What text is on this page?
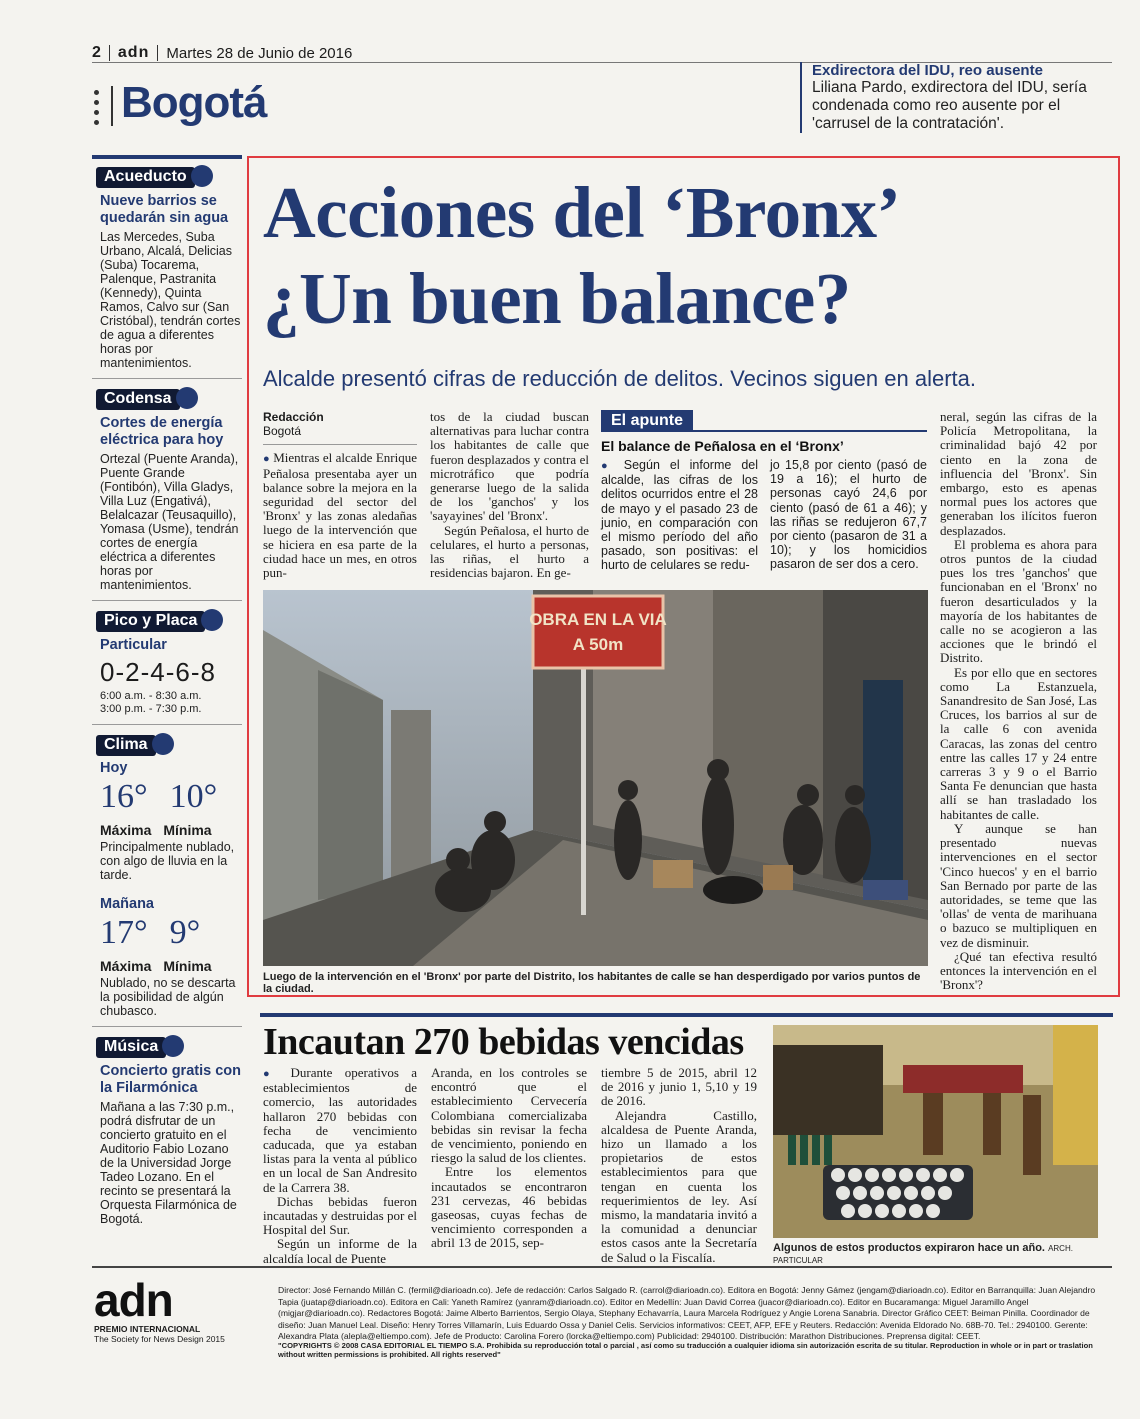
2 adn Martes 28 de Junio de 2016
Bogotá
Exdirectora del IDU, reo ausente
Liliana Pardo, exdirectora del IDU, sería condenada como reo ausente por el 'carrusel de la contratación'.
Acueducto
Nueve barrios se quedarán sin agua
Las Mercedes, Suba Urbano, Alcalá, Delicias (Suba) Tocarema, Palenque, Pastranita (Kennedy), Quinta Ramos, Calvo sur (San Cristóbal), tendrán cortes de agua a diferentes horas por mantenimientos.
Codensa
Cortes de energía eléctrica para hoy
Ortezal (Puente Aranda), Puente Grande (Fontibón), Villa Gladys, Villa Luz (Engativá), Belalcazar (Teusaquillo), Yomasa (Usme), tendrán cortes de energía eléctrica a diferentes horas por mantenimientos.
Pico y Placa
Particular
0-2-4-6-8
6:00 a.m. - 8:30 a.m.
3:00 p.m. - 7:30 p.m.
Clima
Hoy
16° 10°
Máxima Mínima
Principalmente nublado, con algo de lluvia en la tarde.
Mañana
17° 9°
Máxima Mínima
Nublado, no se descarta la posibilidad de algún chubasco.
Música
Concierto gratis con la Filarmónica
Mañana a las 7:30 p.m., podrá disfrutar de un concierto gratuito en el Auditorio Fabio Lozano de la Universidad Jorge Tadeo Lozano. En el recinto se presentará la Orquesta Filarmónica de Bogotá.
Acciones del ‘Bronx’
¿Un buen balance?
Alcalde presentó cifras de reducción de delitos. Vecinos siguen en alerta.
Redacción
Bogotá
● Mientras el alcalde Enrique Peñalosa presentaba ayer un balance sobre la mejora en la seguridad del sector del 'Bronx' y las zonas aledañas luego de la intervención que se hiciera en esa parte de la ciudad hace un mes, en otros pun-
tos de la ciudad buscan alternativas para luchar contra los habitantes de calle que fueron desplazados y contra el microtráfico que podría generarse luego de la salida de los 'ganchos' y los 'sayayines' del 'Bronx'.
Según Peñalosa, el hurto de celulares, el hurto a personas, las riñas, el hurto a residencias bajaron. En ge-
El apunte
El balance de Peñalosa en el ‘Bronx’
● Según el informe del alcalde, las cifras de los delitos ocurridos entre el 28 de mayo y el pasado 23 de junio, en comparación con el mismo período del año pasado, son positivas: el hurto de celulares se redu-
jo 15,8 por ciento (pasó de 19 a 16); el hurto de personas cayó 24,6 por ciento (pasó de 61 a 46); y las riñas se redujeron 67,7 por ciento (pasaron de 31 a 10); y los homicidios pasaron de ser dos a cero.
neral, según las cifras de la Policía Metropolitana, la criminalidad bajó 42 por ciento en la zona de influencia del 'Bronx'. Sin embargo, esto es apenas normal pues los actores que generaban los ilícitos fueron desplazados.
El problema es ahora para otros puntos de la ciudad pues los tres 'ganchos' que funcionaban en el 'Bronx' no fueron desarticulados y la mayoría de los habitantes de calle no se acogieron a las acciones que le brindó el Distrito.
Es por ello que en sectores como La Estanzuela, Sanandresito de San José, Las Cruces, los barrios al sur de la calle 6 con avenida Caracas, las zonas del centro entre las calles 17 y 24 entre carreras 3 y 9 o el Barrio Santa Fe denuncian que hasta allí se han trasladado los habitantes de calle.
Y aunque se han presentado nuevas intervenciones en el sector 'Cinco huecos' y en el barrio San Bernado por parte de las autoridades, se teme que las 'ollas' de venta de marihuana o bazuco se multipliquen en vez de disminuir.
¿Qué tan efectiva resultó entonces la intervención en el 'Bronx'?
OBRA EN LA VIA
A 50m
Luego de la intervención en el 'Bronx' por parte del Distrito, los habitantes de calle se han desperdigado por varios puntos de la ciudad.
Incautan 270 bebidas vencidas
● Durante operativos a establecimientos de comercio, las autoridades hallaron 270 bebidas con fecha de vencimiento caducada, que ya estaban listas para la venta al público en un local de San Andresito de la Carrera 38.
Dichas bebidas fueron incautadas y destruidas por el Hospital del Sur.
Según un informe de la alcaldía local de Puente
Aranda, en los controles se encontró que el establecimiento Cervecería Colombiana comercializaba bebidas sin revisar la fecha de vencimiento, poniendo en riesgo la salud de los clientes.
Entre los elementos incautados se encontraron 231 cervezas, 46 bebidas gaseosas, cuyas fechas de vencimiento corresponden a abril 13 de 2015, sep-
tiembre 5 de 2015, abril 12 de 2016 y junio 1, 5,10 y 19 de 2016.
Alejandra Castillo, alcaldesa de Puente Aranda, hizo un llamado a los propietarios de estos establecimientos para que tengan en cuenta los requerimientos de ley. Así mismo, la mandataria invitó a la comunidad a denunciar estos casos ante la Secretaría de Salud o la Fiscalía.
Algunos de estos productos expiraron hace un año. ARCH. PARTICULAR
adn
PREMIO INTERNACIONAL
The Society for News Design 2015
Director: José Fernando Millán C. (fermil@diarioadn.co). Jefe de redacción: Carlos Salgado R. (carrol@diarioadn.co). Editora en Bogotá: Jenny Gámez (jengam@diarioadn.co). Editor en Barranquilla: Juan Alejandro Tapia (juatap@diarioadn.co). Editora en Cali: Yaneth Ramírez (yanram@diarioadn.co). Editor en Medellín: Juan David Correa (juacor@diarioadn.co). Editor en Bucaramanga: Miguel Jaramillo Angel (migjar@diarioadn.co). Redactores Bogotá: Jaime Alberto Barrientos, Sergio Olaya, Stephany Echavarría, Laura Marcela Rodríguez y Angie Lorena Sanabria. Director Gráfico CEET: Beiman Pinilla. Coordinador de diseño: Juan Manuel Leal. Diseño: Henry Torres Villamarín, Luis Eduardo Ossa y Daniel Celis. Servicios informativos: CEET, AFP, EFE y Reuters. Redacción: Avenida Eldorado No. 68B-70. Tel.: 2940100. Gerente: Alexandra Plata (alepla@eltiempo.com). Jefe de Producto: Carolina Forero (lorcka@eltiempo.com) Publicidad: 2940100. Distribución: Marathon Distribuciones. Preprensa digital: CEET.
"COPYRIGHTS © 2008 CASA EDITORIAL EL TIEMPO S.A. Prohibida su reproducción total o parcial , así como su traducción a cualquier idioma sin autorización escrita de su titular. Reproduction in whole or in part or traslation without written permissions is prohibited. All rights reserved"
